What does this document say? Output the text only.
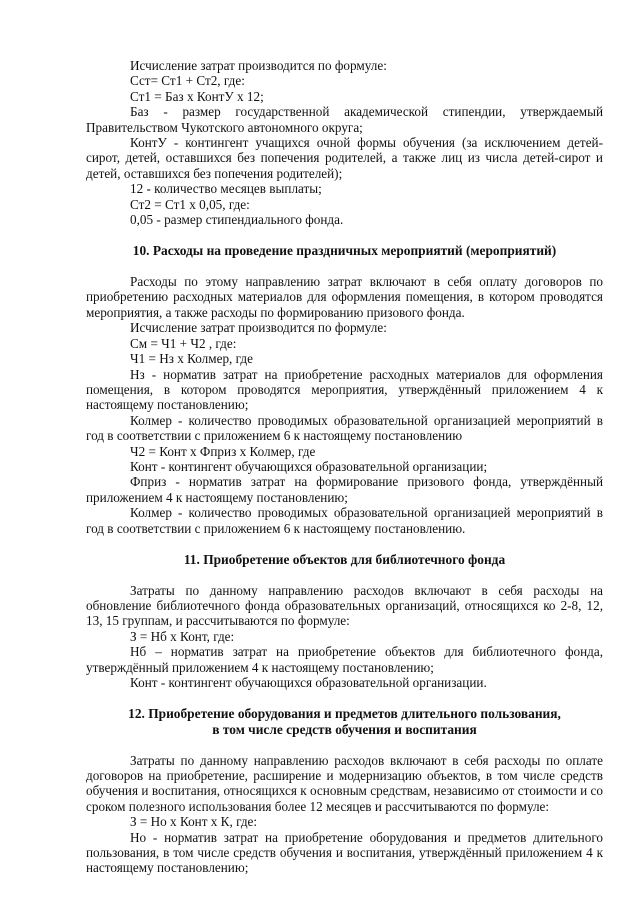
Исчисление затрат производится по формуле:

Сст= Ст1 + Ст2, где:

Ст1 = Баз х КонтУ х 12;

Баз - размер государственной академической стипендии, утверждаемый Правительством Чукотского автономного округа;

КонтУ - контингент учащихся очной формы обучения (за исключением детей-сирот, детей, оставшихся без попечения родителей, а также лиц из числа детей-сирот и детей, оставшихся без попечения родителей);

12 - количество месяцев выплаты;

Ст2 = Ст1 х 0,05, где:

0,05 - размер стипендиального фонда.

10. Расходы на проведение праздничных мероприятий (мероприятий)

Расходы по этому направлению затрат включают в себя оплату договоров по приобретению расходных материалов для оформления помещения, в котором проводятся мероприятия, а также расходы по формированию призового фонда.

Исчисление затрат производится по формуле:

См = Ч1 + Ч2 , где:

Ч1 = Нз х Колмер, где

Нз - норматив затрат на приобретение расходных материалов для оформления помещения, в котором проводятся мероприятия, утверждённый приложением 4 к настоящему постановлению;

Колмер - количество проводимых образовательной организацией мероприятий в год в соответствии с приложением 6 к настоящему постановлению

Ч2 = Конт х Фприз х Колмер, где

Конт - контингент обучающихся образовательной организации;

Фприз - норматив затрат на формирование призового фонда, утверждённый приложением 4 к настоящему постановлению;

Колмер - количество проводимых образовательной организацией мероприятий в год в соответствии с приложением 6 к настоящему постановлению.

11. Приобретение объектов для библиотечного фонда

Затраты по данному направлению расходов включают в себя расходы на обновление библиотечного фонда образовательных организаций, относящихся ко 2-8, 12, 13, 15 группам, и рассчитываются по формуле:

З = Нб х Конт, где:

Нб – норматив затрат на приобретение объектов для библиотечного фонда, утверждённый приложением 4 к настоящему постановлению;

Конт - контингент обучающихся образовательной организации.

12. Приобретение оборудования и предметов длительного пользования,
в том числе средств обучения и воспитания

Затраты по данному направлению расходов включают в себя расходы по оплате договоров на приобретение, расширение и модернизацию объектов, в том числе средств обучения и воспитания, относящихся к основным средствам, независимо от стоимости и со сроком полезного использования более 12 месяцев и рассчитываются по формуле:

З = Но х Конт х К, где:

Но - норматив затрат на приобретение оборудования и предметов длительного пользования, в том числе средств обучения и воспитания, утверждённый приложением 4 к настоящему постановлению;
